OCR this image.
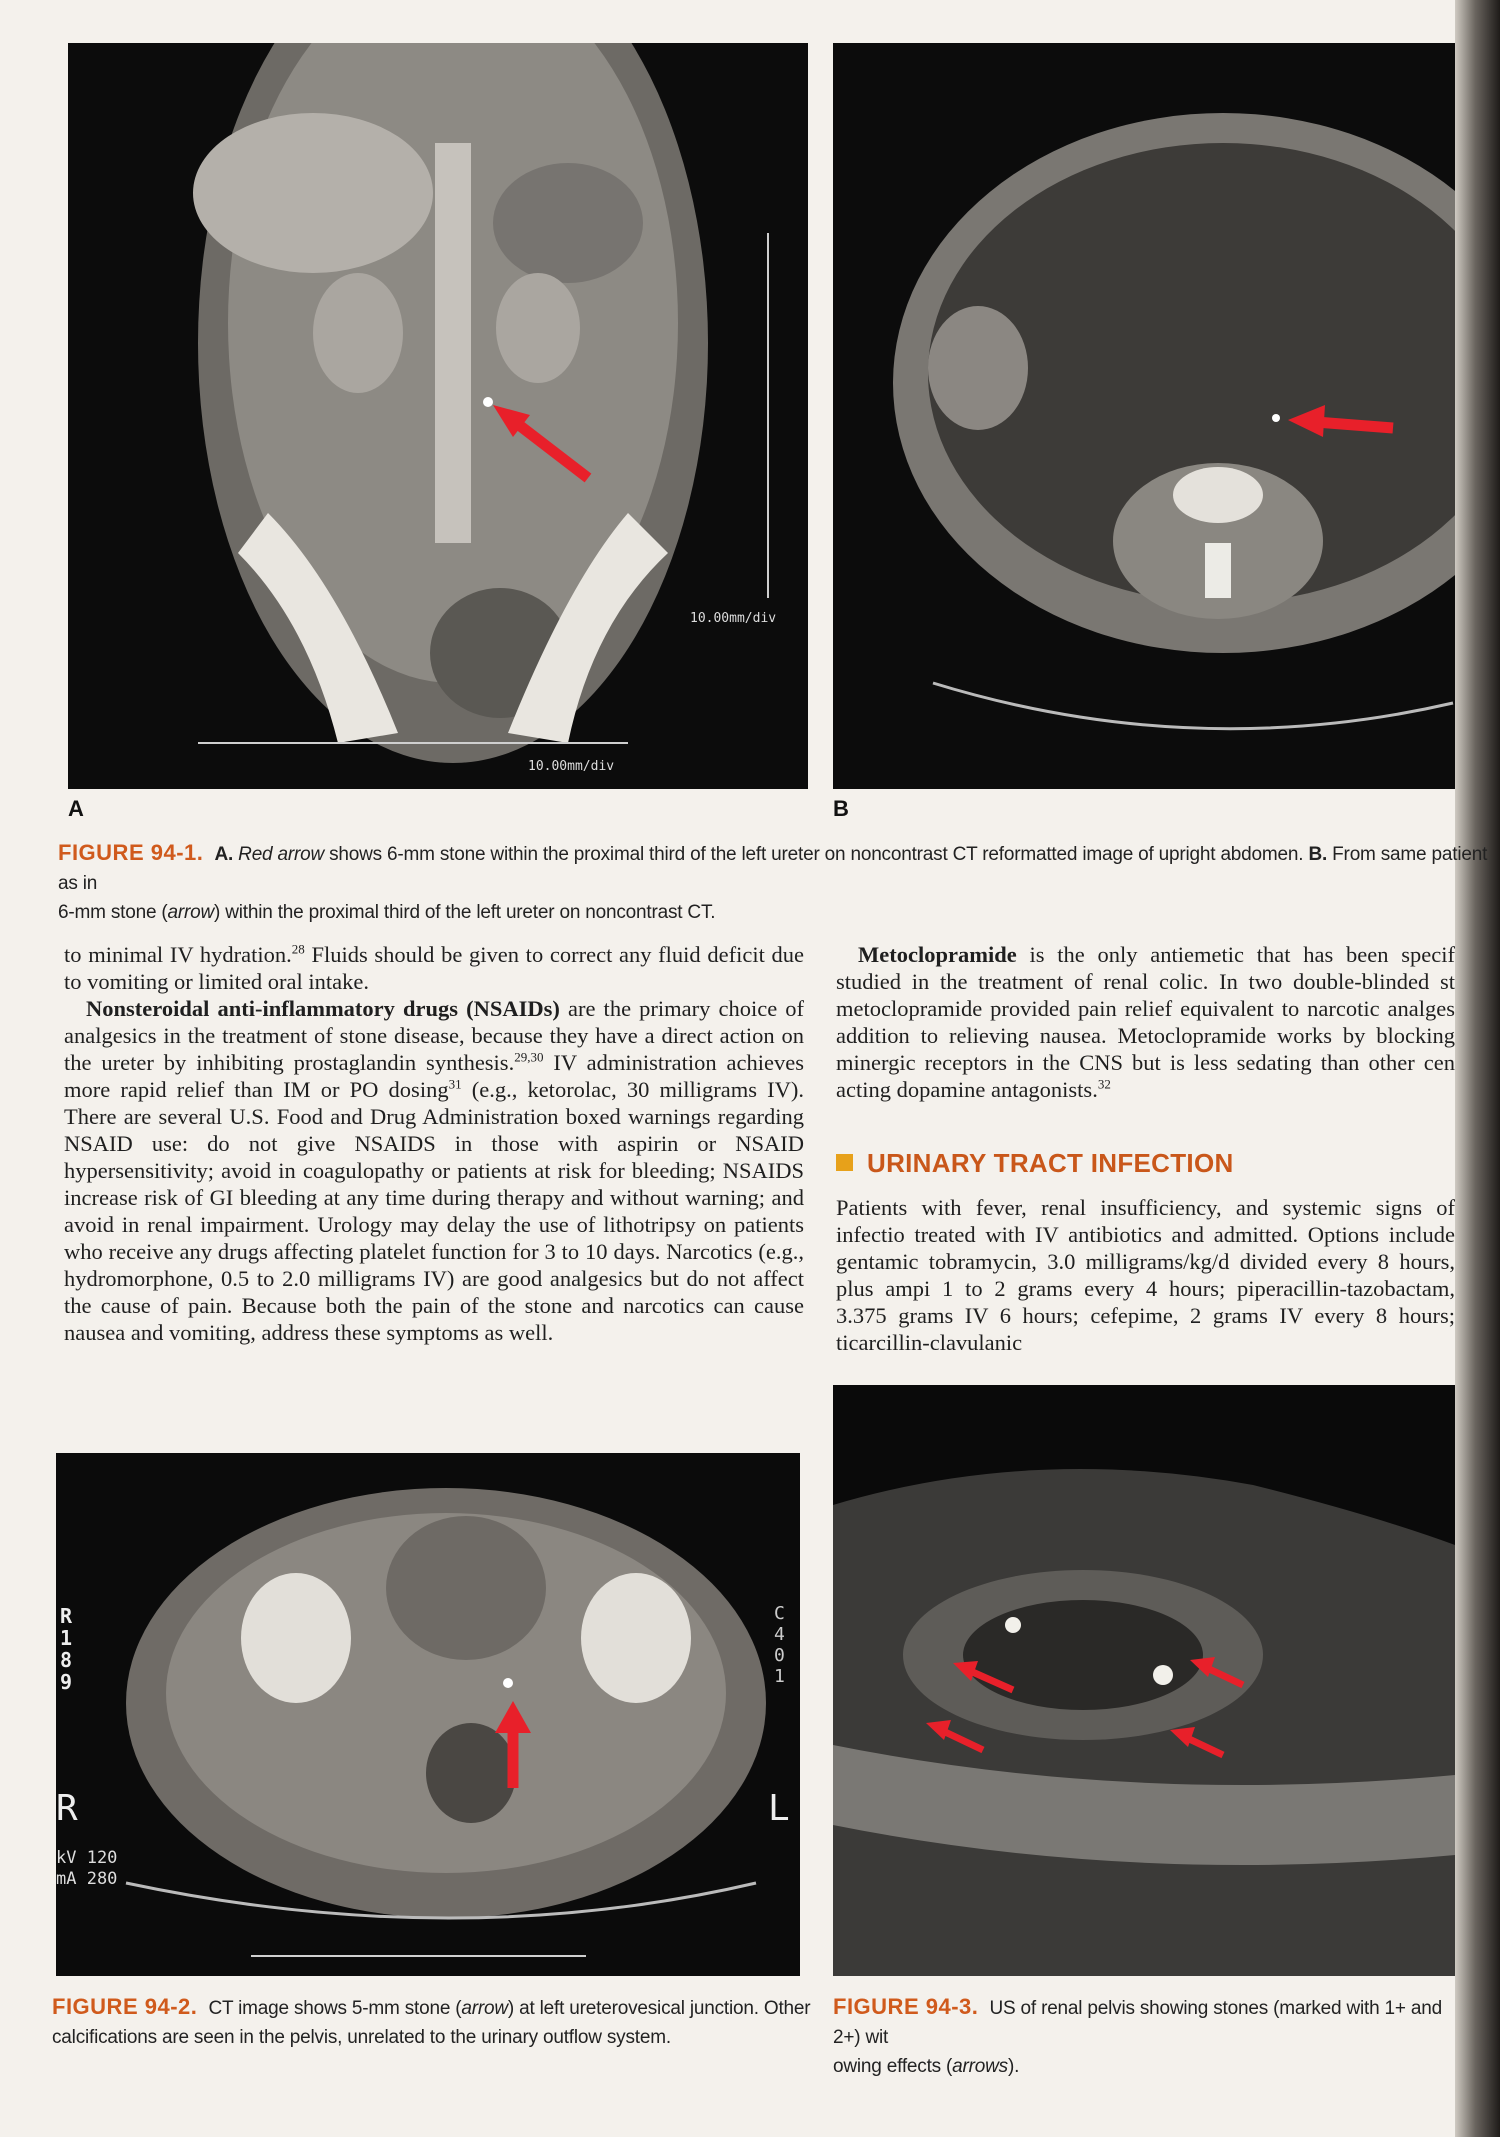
10.00mm/div
10.00mm/div
A	B
FIGURE 94-1. A. Red arrow shows 6-mm stone within the proximal third of the left ureter on noncontrast CT reformatted image of upright abdomen. B. From same patient as in
6-mm stone (arrow) within the proximal third of the left ureter on noncontrast CT.

to minimal IV hydration.$^{28}$ Fluids should be given to correct any fluid deficit due to vomiting or limited oral intake.

Nonsteroidal anti-inflammatory drugs (NSAIDs) are the primary choice of analgesics in the treatment of stone disease, because they have a direct action on the ureter by inhibiting prostaglandin synthesis.$^{29,30}$ IV administration achieves more rapid relief than IM or PO dosing$^{31}$ (e.g., ketorolac, 30 milligrams IV). There are several U.S. Food and Drug Administration boxed warnings regarding NSAID use: do not give NSAIDS in those with aspirin or NSAID hypersensitivity; avoid in coagulopathy or patients at risk for bleeding; NSAIDS increase risk of GI bleeding at any time during therapy and without warning; and avoid in renal impairment. Urology may delay the use of lithotripsy on patients who receive any drugs affecting platelet function for 3 to 10 days. Narcotics (e.g., hydromorphone, 0.5 to 2.0 milligrams IV) are good analgesics but do not affect the cause of pain. Because both the pain of the stone and narcotics can cause nausea and vomiting, address these symptoms as well.

Metoclopramide is the only antiemetic that has been specif studied in the treatment of renal colic. In two double-blinded st metoclopramide provided pain relief equivalent to narcotic analges addition to relieving nausea. Metoclopramide works by blocking minergic receptors in the CNS but is less sedating than other cen acting dopamine antagonists.$^{32}$

URINARY TRACT INFECTION

Patients with fever, renal insufficiency, and systemic signs of infectio treated with IV antibiotics and admitted. Options include gentamic tobramycin, 3.0 milligrams/kg/d divided every 8 hours, plus ampi 1 to 2 grams every 4 hours; piperacillin-tazobactam, 3.375 grams IV 6 hours; cefepime, 2 grams IV every 8 hours; ticarcillin-clavulanic

R
1
8
9
C
4
0
1
R	L
kV 120
mA 280
FIGURE 94-2. CT image shows 5-mm stone (arrow) at left ureterovesical junction. Other calcifications are seen in the pelvis, unrelated to the urinary outflow system.
FIGURE 94-3. US of renal pelvis showing stones (marked with 1+ and 2+) wit
owing effects (arrows).
